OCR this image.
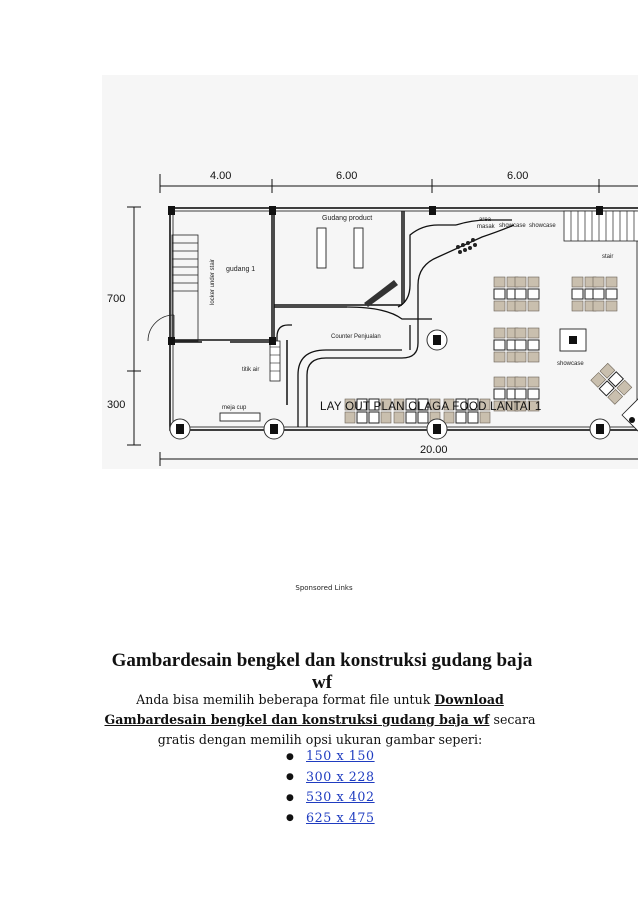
4.00	6.00	6.00
700
300
20.00
locker under stair gudang 1
Gudang product
Counter Penjualan
area
masak showcase showcase
titik air
meja cup
stair
showcase
LAY OUT PLAN OLAGA FOOD LANTAI 1
Sponsored Links
Gambardesain bengkel dan konstruksi gudang baja wf

Anda bisa memilih beberapa format file untuk Download Gambardesain bengkel dan konstruksi gudang baja wf secara gratis dengan memilih opsi ukuran gambar seperi:

● 150 x 150
● 300 x 228
● 530 x 402
● 625 x 475
